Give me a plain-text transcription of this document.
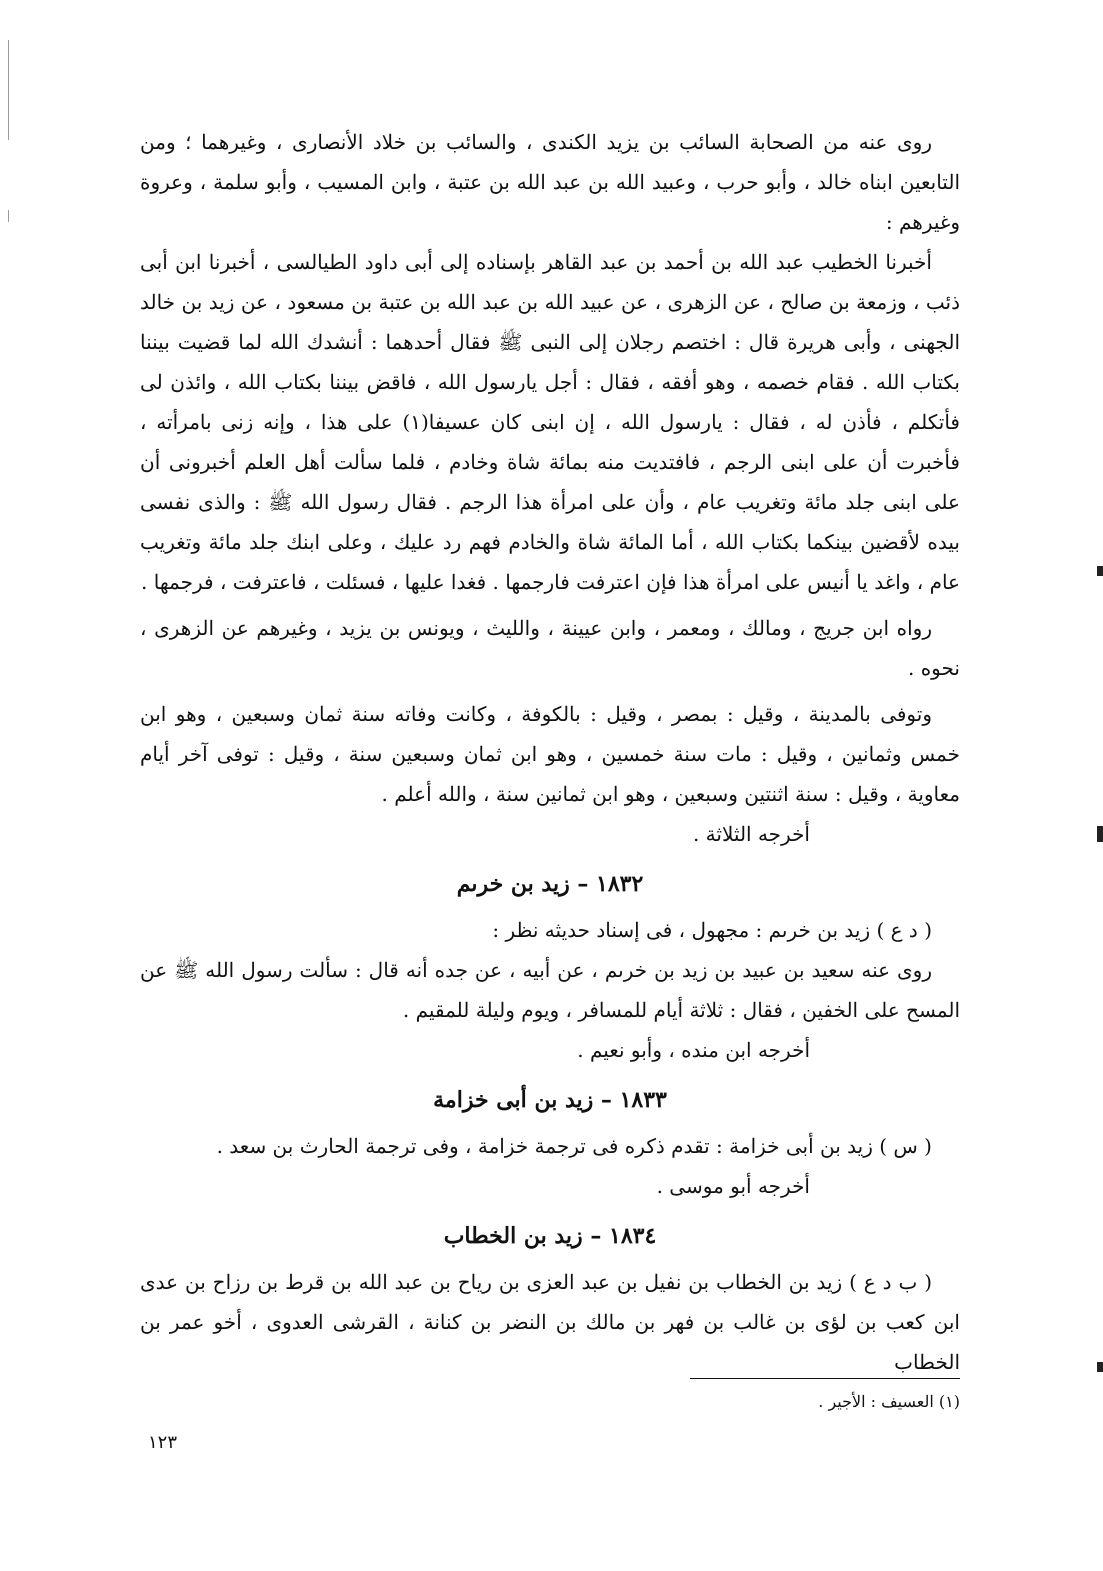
روى عنه من الصحابة السائب بن يزيد الكندى ، والسائب بن خلاد الأنصارى ، وغيرهما ؛ ومن التابعين ابناه خالد ، وأبو حرب ، وعبيد الله بن عبد الله بن عتبة ، وابن المسيب ، وأبو سلمة ، وعروة وغيرهم :

أخبرنا الخطيب عبد الله بن أحمد بن عبد القاهر بإسناده إلى أبى داود الطيالسى ، أخبرنا ابن أبى ذئب ، وزمعة بن صالح ، عن الزهرى ، عن عبيد الله بن عبد الله بن عتبة بن مسعود ، عن زيد بن خالد الجهنى ، وأبى هريرة قال : اختصم رجلان إلى النبى ﷺ فقال أحدهما : أنشدك الله لما قضيت بيننا بكتاب الله . فقام خصمه ، وهو أفقه ، فقال : أجل يارسول الله ، فاقض بيننا بكتاب الله ، وائذن لى فأتكلم ، فأذن له ، فقال : يارسول الله ، إن ابنى كان عسيفا(١) على هذا ، وإنه زنى بامرأته ، فأخبرت أن على ابنى الرجم ، فافتديت منه بمائة شاة وخادم ، فلما سألت أهل العلم أخبرونى أن على ابنى جلد مائة وتغريب عام ، وأن على امرأة هذا الرجم . فقال رسول الله ﷺ : والذى نفسى بيده لأقضين بينكما بكتاب الله ، أما المائة شاة والخادم فهم رد عليك ، وعلى ابنك جلد مائة وتغريب عام ، واغد يا أنيس على امرأة هذا فإن اعترفت فارجمها . فغدا عليها ، فسئلت ، فاعترفت ، فرجمها .

رواه ابن جريج ، ومالك ، ومعمر ، وابن عيينة ، والليث ، ويونس بن يزيد ، وغيرهم عن الزهرى ، نحوه .

وتوفى بالمدينة ، وقيل : بمصر ، وقيل : بالكوفة ، وكانت وفاته سنة ثمان وسبعين ، وهو ابن خمس وثمانين ، وقيل : مات سنة خمسين ، وهو ابن ثمان وسبعين سنة ، وقيل : توفى آخر أيام معاوية ، وقيل : سنة اثنتين وسبعين ، وهو ابن ثمانين سنة ، والله أعلم .

أخرجه الثلاثة .

١٨٣٢ – زيد بن خرىم

( د ع ) زيد بن خرىم : مجهول ، فى إسناد حديثه نظر :

روى عنه سعيد بن عبيد بن زيد بن خرىم ، عن أبيه ، عن جده أنه قال : سألت رسول الله ﷺ عن المسح على الخفين ، فقال : ثلاثة أيام للمسافر ، ويوم وليلة للمقيم .

أخرجه ابن منده ، وأبو نعيم .

١٨٣٣ – زيد بن أبى خزامة

( س ) زيد بن أبى خزامة : تقدم ذكره فى ترجمة خزامة ، وفى ترجمة الحارث بن سعد .

أخرجه أبو موسى .

١٨٣٤ – زيد بن الخطاب

( ب د ع ) زيد بن الخطاب بن نفيل بن عبد العزى بن رياح بن عبد الله بن قرط بن رزاح بن عدى ابن كعب بن لؤى بن غالب بن فهر بن مالك بن النضر بن كنانة ، القرشى العدوى ، أخو عمر بن الخطاب

(١) العسيف : الأجير .
١٢٣
